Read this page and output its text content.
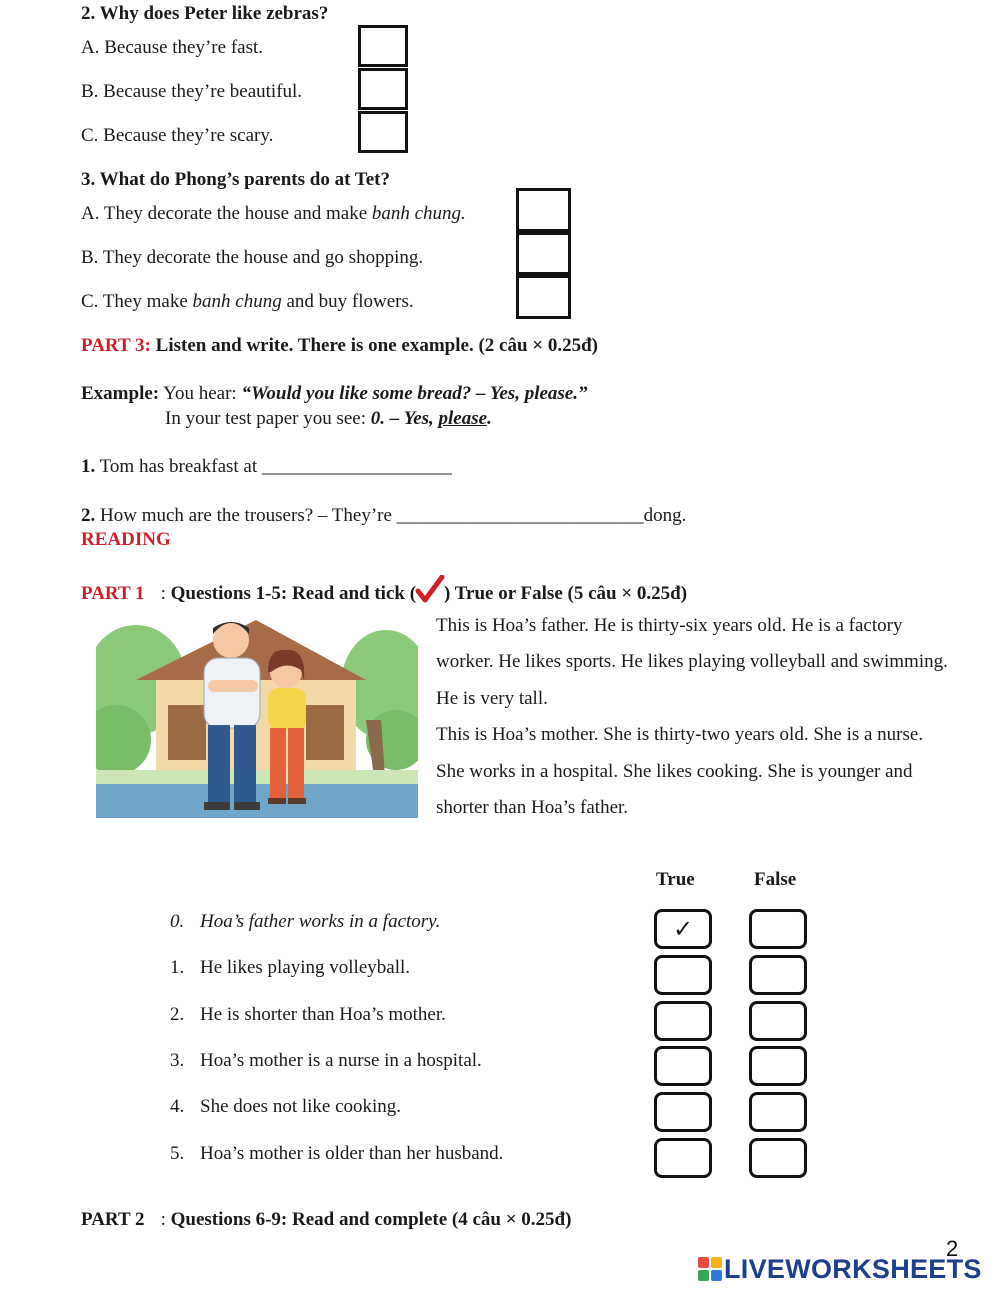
2. Why does Peter like zebras?
A. Because they’re fast.
B. Because they’re beautiful.
C. Because they’re scary.
3. What do Phong’s parents do at Tet?
A. They decorate the house and make banh chung.
B. They decorate the house and go shopping.
C. They make banh chung and buy flowers.
PART 3: Listen and write. There is one example. (2 câu × 0.25đ)
Example: You hear: “Would you like some bread? – Yes, please.”
In your test paper you see: 0. – Yes, please.
1. Tom has breakfast at ____________________
2. How much are the trousers? – They’re __________________________dong.
READING
PART 1 : Questions 1-5: Read and tick ( ) True or False (5 câu × 0.25đ)

This is Hoa’s father. He is thirty-six years old. He is a factory worker. He likes sports. He likes playing volleyball and swimming. He is very tall.

This is Hoa’s mother. She is thirty-two years old. She is a nurse. She works in a hospital. She likes cooking. She is younger and shorter than Hoa’s father.

True	False
0. Hoa’s father works in a factory.
1. He likes playing volleyball.
2. He is shorter than Hoa’s mother.
3. Hoa’s mother is a nurse in a hospital.
4. She does not like cooking.
5. Hoa’s mother is older than her husband.
✓
PART 2 : Questions 6-9: Read and complete (4 câu × 0.25đ)
2
LIVEWORKSHEETS
